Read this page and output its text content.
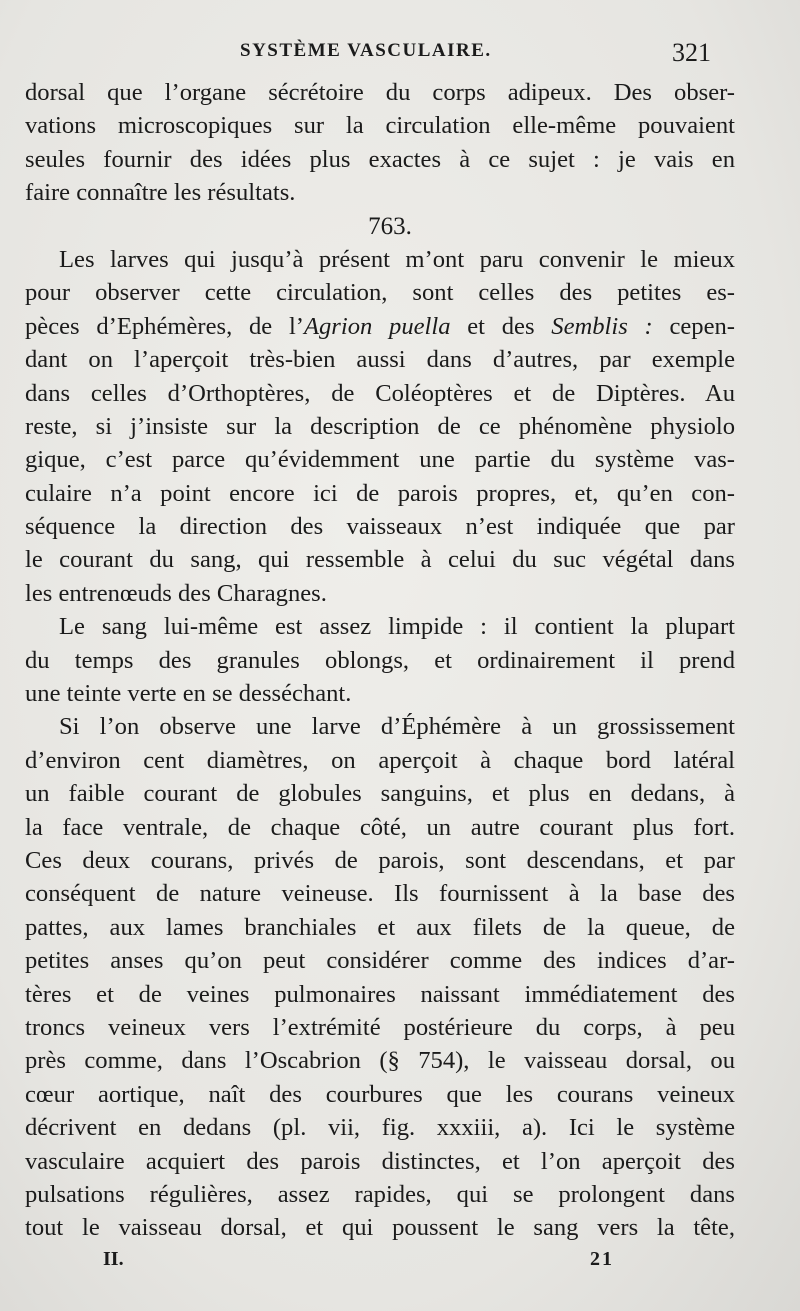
SYSTÈME VASCULAIRE.	321
dorsal que l’organe sécrétoire du corps adipeux. Des obser-
vations microscopiques sur la circulation elle-même pouvaient
seules fournir des idées plus exactes à ce sujet : je vais en
faire connaître les résultats.
763.
Les larves qui jusqu’à présent m’ont paru convenir le mieux
pour observer cette circulation, sont celles des petites es-
pèces d’Ephémères, de l’Agrion puella et des Semblis : cepen-
dant on l’aperçoit très-bien aussi dans d’autres, par exemple
dans celles d’Orthoptères, de Coléoptères et de Diptères. Au
reste, si j’insiste sur la description de ce phénomène physiolo
gique, c’est parce qu’évidemment une partie du système vas-
culaire n’a point encore ici de parois propres, et, qu’en con-
séquence la direction des vaisseaux n’est indiquée que par
le courant du sang, qui ressemble à celui du suc végétal dans
les entrenœuds des Charagnes.
Le sang lui-même est assez limpide : il contient la plupart
du temps des granules oblongs, et ordinairement il prend
une teinte verte en se desséchant.
Si l’on observe une larve d’Éphémère à un grossissement
d’environ cent diamètres, on aperçoit à chaque bord latéral
un faible courant de globules sanguins, et plus en dedans, à
la face ventrale, de chaque côté, un autre courant plus fort.
Ces deux courans, privés de parois, sont descendans, et par
conséquent de nature veineuse. Ils fournissent à la base des
pattes, aux lames branchiales et aux filets de la queue, de
petites anses qu’on peut considérer comme des indices d’ar-
tères et de veines pulmonaires naissant immédiatement des
troncs veineux vers l’extrémité postérieure du corps, à peu
près comme, dans l’Oscabrion (§ 754), le vaisseau dorsal, ou
cœur aortique, naît des courbures que les courans veineux
décrivent en dedans (pl. vii, fig. xxxiii, a). Ici le système
vasculaire acquiert des parois distinctes, et l’on aperçoit des
pulsations régulières, assez rapides, qui se prolongent dans
tout le vaisseau dorsal, et qui poussent le sang vers la tête,
II.	21
